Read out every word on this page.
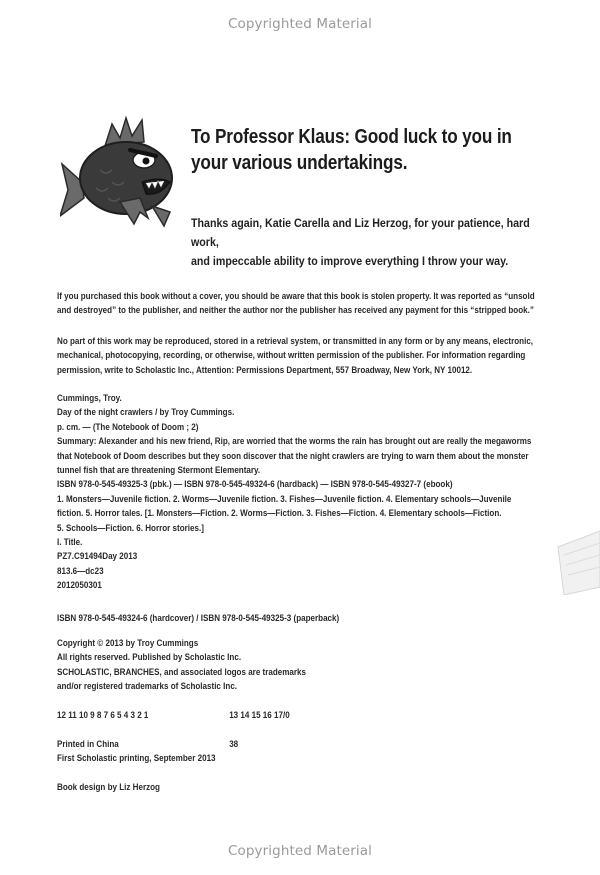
Copyrighted Material
To Professor Klaus: Good luck to you in
your various undertakings.
Thanks again, Katie Carella and Liz Herzog, for your patience, hard work,
and impeccable ability to improve everything I throw your way.
If you purchased this book without a cover, you should be aware that this book is stolen property. It was reported as “unsold
and destroyed” to the publisher, and neither the author nor the publisher has received any payment for this “stripped book.”
No part of this work may be reproduced, stored in a retrieval system, or transmitted in any form or by any means, electronic,
mechanical, photocopying, recording, or otherwise, without written permission of the publisher. For information regarding
permission, write to Scholastic Inc., Attention: Permissions Department, 557 Broadway, New York, NY 10012.
Cummings, Troy.
Day of the night crawlers / by Troy Cummings.
p. cm. — (The Notebook of Doom ; 2)
Summary: Alexander and his new friend, Rip, are worried that the worms the rain has brought out are really the megaworms
that Notebook of Doom describes but they soon discover that the night crawlers are trying to warn them about the monster
tunnel fish that are threatening Stermont Elementary.
ISBN 978-0-545-49325-3 (pbk.) — ISBN 978-0-545-49324-6 (hardback) — ISBN 978-0-545-49327-7 (ebook)
1. Monsters—Juvenile fiction. 2. Worms—Juvenile fiction. 3. Fishes—Juvenile fiction. 4. Elementary schools—Juvenile
fiction. 5. Horror tales. [1. Monsters—Fiction. 2. Worms—Fiction. 3. Fishes—Fiction. 4. Elementary schools—Fiction.
5. Schools—Fiction. 6. Horror stories.]
I. Title.
PZ7.C91494Day 2013
813.6—dc23
2012050301
ISBN 978-0-545-49324-6 (hardcover) / ISBN 978-0-545-49325-3 (paperback)
Copyright © 2013 by Troy Cummings
All rights reserved. Published by Scholastic Inc.
SCHOLASTIC, BRANCHES, and associated logos are trademarks
and/or registered trademarks of Scholastic Inc.
12 11 10 9 8 7 6 5 4 3 2 1	13 14 15 16 17/0
Printed in China	38
First Scholastic printing, September 2013
Book design by Liz Herzog
Copyrighted Material
